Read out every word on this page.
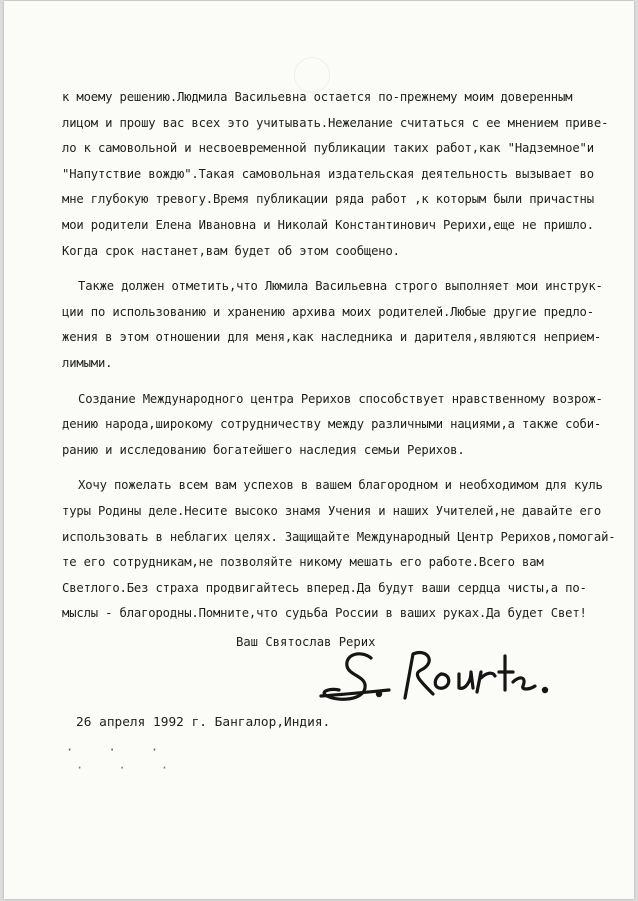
к моему решению.Людмила Васильевна остается по-прежнему моим доверенным
лицом и прошу вас всех это учитывать.Нежелание считаться с ее мнением приве-
ло к самовольной и несвоевременной публикации таких работ,как "Надземное"и
"Напутствие вождю".Такая самовольная издательская деятельность вызывает во
мне глубокую тревогу.Время публикации ряда работ ,к которым были причастны
мои родители Елена Ивановна и Николай Константинович Рерихи,еще не пришло.
Когда срок настанет,вам будет об этом сообщено.
Также должен отметить,что Люмила Васильевна строго выполняет мои инструк-
ции по использованию и хранению архива моих родителей.Любые другие предло-
жения в этом отношении для меня,как наследника и дарителя,являются неприем-
лимыми.
Создание Международного центра Рерихов способствует нравственному возрож-
дению народа,широкому сотрудничеству между различными нациями,а также соби-
ранию и исследованию богатейшего наследия семьи Рерихов.
Хочу пожелать всем вам успехов в вашем благородном и необходимом для куль
туры Родины деле.Несите высоко знамя Учения и наших Учителей,не давайте его
использовать в неблагих целях. Защищайте Международный Центр Рерихов,помогай-
те его сотрудникам,не позволяйте никому мешать его работе.Всего вам
Светлого.Без страха продвигайтесь вперед.Да будут ваши сердца чисты,а по-
мыслы - благородны.Помните,что судьба России в ваших руках.Да будет Свет!
Ваш Святослав Рерих
26 апреля 1992 г. Бангалор,Индия.
· · ·
· · ·
